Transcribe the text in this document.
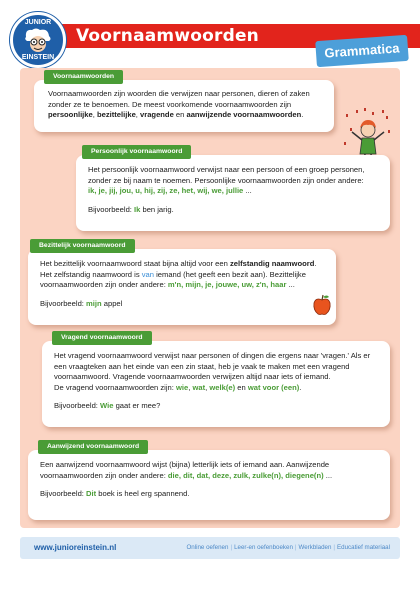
Voornaamwoorden
JUNIOR
EINSTEIN	Grammatica
Voornaamwoorden
Voornaamwoorden zijn woorden die verwijzen naar personen, dieren of zaken zonder ze te benoemen. De meest voorkomende voornaamwoorden zijn persoonlijke, bezittelijke, vragende en aanwijzende voornaamwoorden.
Persoonlijk voornaamwoord
Het persoonlijk voornaamwoord verwijst naar een persoon of een groep personen, zonder ze bij naam te noemen. Persoonlijke voornaamwoorden zijn onder andere:
ik, je, jij, jou, u, hij, zij, ze, het, wij, we, jullie ...
Bijvoorbeeld: Ik ben jarig.
Bezittelijk voornaamwoord
Het bezittelijk voornaamwoord staat bijna altijd voor een zelfstandig naamwoord. Het zelfstandig naamwoord is van iemand (het geeft een bezit aan). Bezittelijke voornaamwoorden zijn onder andere: m'n, mijn, je, jouwe, uw, z'n, haar ...
Bijvoorbeeld: mijn appel
Vragend voornaamwoord
Het vragend voornaamwoord verwijst naar personen of dingen die ergens naar 'vragen.' Als er een vraagteken aan het einde van een zin staat, heb je vaak te maken met een vragend voornaamwoord. Vragende voornaamwoorden verwijzen altijd naar iets of iemand.
De vragend voornaamwoorden zijn: wie, wat, welk(e) en wat voor (een).
Bijvoorbeeld: Wie gaat er mee?
Aanwijzend voornaamwoord
Een aanwijzend voornaamwoord wijst (bijna) letterlijk iets of iemand aan. Aanwijzende voornaamwoorden zijn onder andere: die, dit, dat, deze, zulk, zulke(n), diegene(n) ...
Bijvoorbeeld: Dit boek is heel erg spannend.
www.junioreinstein.nl	Online oefenen | Leer-en oefenboeken | Werkbladen | Educatief materiaal
